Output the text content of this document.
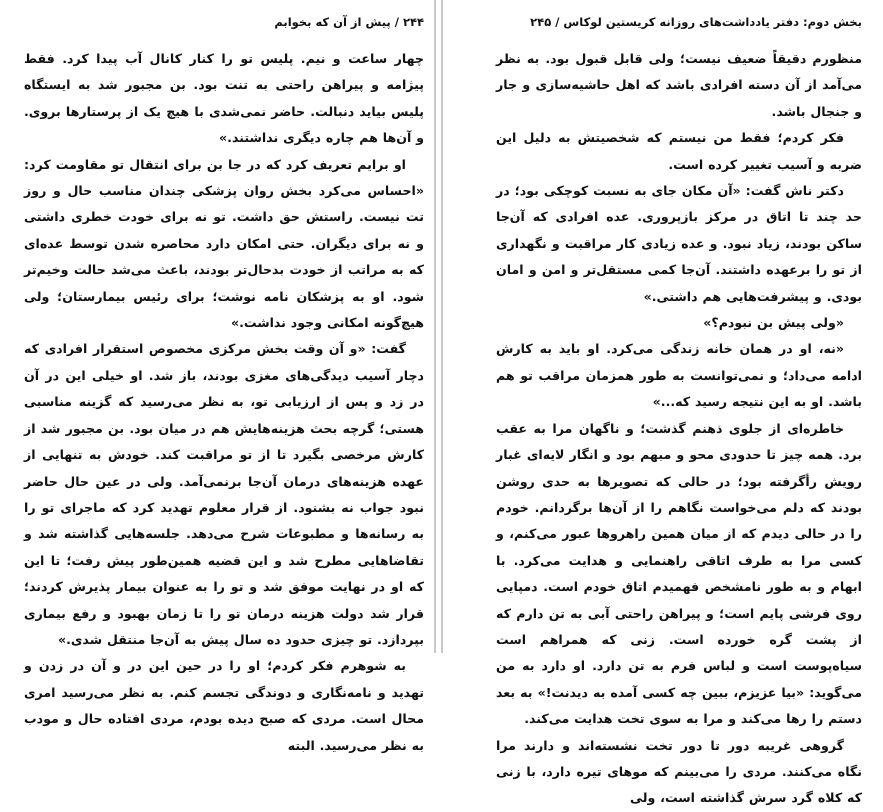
۲۴۴ / پیش از آن که بخوابم

چهار ساعت و نیم. پلیس تو را کنار کانال آب پیدا کرد. فقط پیژامه و پیراهن راحتی به تنت بود. بن مجبور شد به ایستگاه پلیس بیاید دنبالت. حاضر نمی‌شدی با هیچ یک از پرستارها بروی. و آن‌ها هم چاره دیگری نداشتند.»

او برایم تعریف کرد که در جا بن برای انتقال تو مقاومت کرد: «احساس می‌کرد بخش روان پزشکی چندان مناسب حال و روز تت نیست. راستش حق داشت. تو نه برای خودت خطری داشتی و نه برای دیگران. حتی امکان دارد محاصره شدن توسط عده‌ای که به مراتب از خودت بدحال‌تر بودند، باعث می‌شد حالت وخیم‌تر شود. او به پزشکان نامه نوشت؛ برای رئیس بیمارستان؛ ولی هیچ‌گونه امکانی وجود نداشت.»

گفت: «و آن وقت بخش مرکزی مخصوص استقرار افرادی که دچار آسیب دیدگی‌های مغزی بودند، باز شد. او خیلی این در آن در زد و پس از ارزیابی تو، به نظر می‌رسید که گزینه مناسبی هستی؛ گرچه بحث هزینه‌هایش هم در میان بود. بن مجبور شد از کارش مرخصی بگیرد تا از تو مراقبت کند. خودش به تنهایی از عهده هزینه‌های درمان آن‌جا برنمی‌آمد. ولی در عین حال حاضر نبود جواب نه بشنود. از قرار معلوم تهدید کرد که ماجرای تو را به رسانه‌ها و مطبوعات شرح می‌دهد. جلسه‌هایی گذاشته شد و تقاضاهایی مطرح شد و این قضیه همین‌طور پیش رفت؛ تا این که او در نهایت موفق شد و تو را به عنوان بیمار پذیرش کردند؛ قرار شد دولت هزینه درمان تو را تا زمان بهبود و رفع بیماری بپردازد. تو چیزی حدود ده سال پیش به آن‌جا منتقل شدی.»

به شوهرم فکر کردم؛ او را در حین این در و آن در زدن و تهدید و نامه‌نگاری و دوندگی تجسم کنم. به نظر می‌رسید امری محال است. مردی که صبح دیده بودم، مردی افتاده حال و مودب به نظر می‌رسید. البته

بخش دوم: دفتر یادداشت‌های روزانه کریستین لوکاس / ۲۴۵

منظورم دقیقاً ضعیف نیست؛ ولی قابل قبول بود. به نظر می‌آمد از آن دسته افرادی باشد که اهل حاشیه‌سازی و جار و جنجال باشد.

فکر کردم؛ فقط من نیستم که شخصیتش به دلیل این ضربه و آسیب تغییر کرده است.

دکتر ناش گفت: «آن مکان جای به نسبت کوچکی بود؛ در حد چند تا اتاق در مرکز بازپروری. عده افرادی که آن‌جا ساکن بودند، زیاد نبود. و عده زیادی کار مراقبت و نگهداری از تو را برعهده داشتند. آن‌جا کمی مستقل‌تر و امن و امان بودی. و پیشرفت‌هایی هم داشتی.»

«ولی پیش بن نبودم؟»

«نه، او در همان خانه زندگی می‌کرد. او باید به کارش ادامه می‌داد؛ و نمی‌توانست به طور همزمان مراقب تو هم باشد. او به این نتیجه رسید که...»

خاطره‌ای از جلوی ذهنم گذشت؛ و ناگهان مرا به عقب برد. همه چیز تا حدودی محو و مبهم بود و انگار لایه‌ای غبار رویش رأگرفته بود؛ در حالی که تصویرها به حدی روشن بودند که دلم می‌خواست نگاهم را از آن‌ها برگردانم. خودم را در حالی دیدم که از میان همین راهروها عبور می‌کنم، و کسی مرا به طرف اتاقی راهنمایی و هدایت می‌کرد. با ابهام و به طور نامشخص فهمیدم اتاق خودم است. دمپایی روی فرشی پایم است؛ و پیراهن راحتی آبی به تن دارم که از پشت گره خورده است. زنی که همراهم است سیاه‌پوست است و لباس فرم به تن دارد. او دارد به من می‌گوید: «بیا عزیزم، ببین چه کسی آمده به دیدنت!» به بعد دستم را رها می‌کند و مرا به سوی تخت هدایت می‌کند.

گروهی غریبه دور تا دور تخت نشسته‌اند و دارند مرا نگاه می‌کنند. مردی را می‌بینم که موهای تیره دارد، با زنی که کلاه گرد سرش گذاشته است، ولی
